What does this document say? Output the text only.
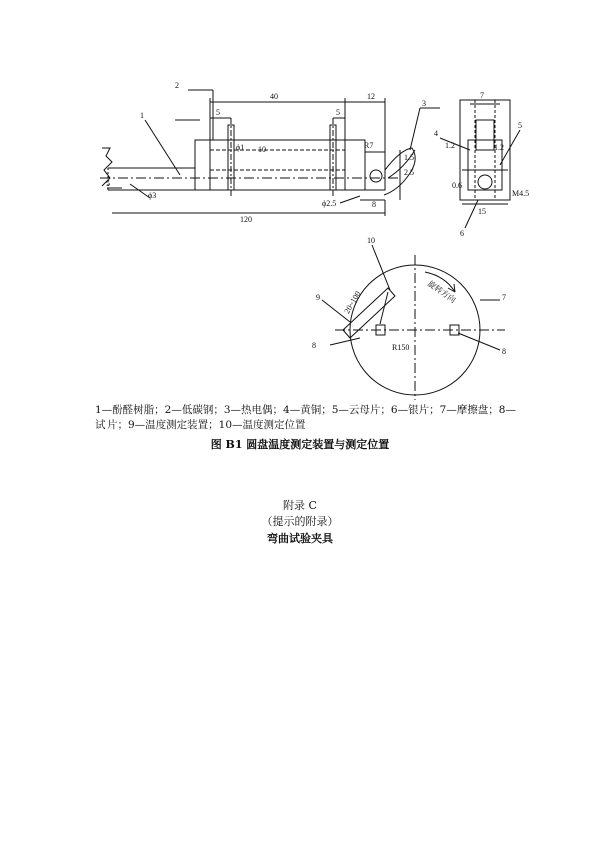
1
2
3
4
5
6
7
8
8
9
10
40
5	5
12	7
10
ϕ1
ϕ3
ϕ2.5
R7
1.5
2.5
8
120
5
1.2	1.2
0.6
15
M4.5
R150
20~100	旋转方向
1—酚醛树脂；2—低碳钢；3—热电偶；4—黄铜；5—云母片；6—银片；7—摩擦盘；8—试 片；9—温度测定装置；10—温度测定位置
图 B1 圆盘温度测定装置与测定位置
附录 C
（提示的附录）
弯曲试验夹具
